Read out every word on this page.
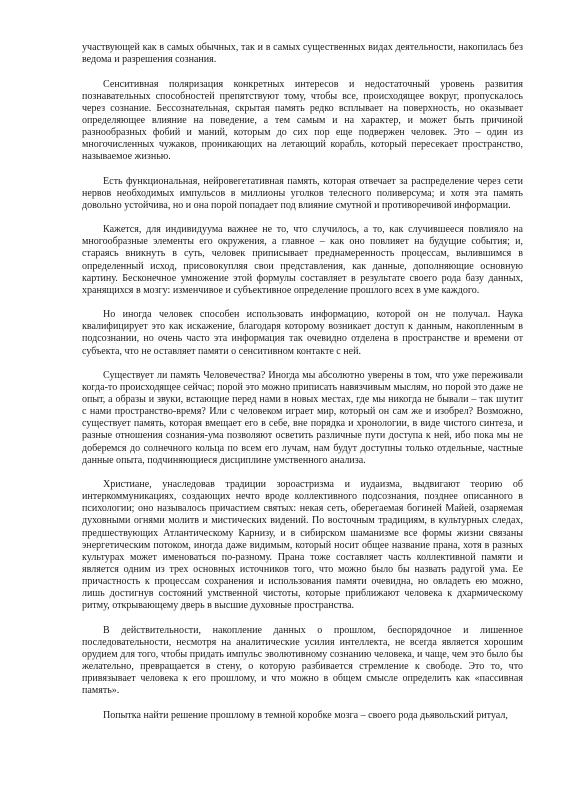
участвующей как в самых обычных, так и в самых существенных видах деятельности, накопилась без ведома и разрешения сознания.

Сенситивная поляризация конкретных интересов и недостаточный уровень развития познавательных способностей препятствуют тому, чтобы все, происходящее вокруг, пропускалось через сознание. Бессознательная, скрытая память редко всплывает на поверхность, но оказывает определяющее влияние на поведение, а тем самым и на характер, и может быть причиной разнообразных фобий и маний, которым до сих пор еще подвержен человек. Это – один из многочисленных чужаков, проникающих на летающий корабль, который пересекает пространство, называемое жизнью.

Есть функциональная, нейровегетативная память, которая отвечает за распределение через сети нервов необходимых импульсов в миллионы уголков телесного поливерсума; и хотя эта память довольно устойчива, но и она порой попадает под влияние смутной и противоречивой информации.

Кажется, для индивидуума важнее не то, что случилось, а то, как случившееся повлияло на многообразные элементы его окружения, а главное – как оно повлияет на будущие события; и, стараясь вникнуть в суть, человек приписывает преднамеренность процессам, вылившимся в определенный исход, присовокупляя свои представления, как данные, дополняющие основную картину. Бесконечное умножение этой формулы составляет в результате своего рода базу данных, хранящихся в мозгу: изменчивое и субъективное определение прошлого всех в уме каждого.

Но иногда человек способен использовать информацию, которой он не получал. Наука квалифицирует это как искажение, благодаря которому возникает доступ к данным, накопленным в подсознании, но очень часто эта информация так очевидно отделена в пространстве и времени от субъекта, что не оставляет памяти о сенситивном контакте с ней.

Существует ли память Человечества? Иногда мы абсолютно уверены в том, что уже переживали когда-то происходящее сейчас; порой это можно приписать навязчивым мыслям, но порой это даже не опыт, а образы и звуки, встающие перед нами в новых местах, где мы никогда не бывали – так шутит с нами пространство-время? Или с человеком играет мир, который он сам же и изобрел? Возможно, существует память, которая вмещает его в себе, вне порядка и хронологии, в виде чистого синтеза, и разные отношения сознания-ума позволяют осветить различные пути доступа к ней, ибо пока мы не доберемся до солнечного кольца по всем его лучам, нам будут доступны только отдельные, частные данные опыта, подчиняющиеся дисциплине умственного анализа.

Христиане, унаследовав традиции зороастризма и иудаизма, выдвигают теорию об интеркоммуникациях, создающих нечто вроде коллективного подсознания, позднее описанного в психологии; оно называлось причастием святых: некая сеть, оберегаемая богиней Майей, озаряемая духовными огнями молитв и мистических видений. По восточным традициям, в культурных следах, предшествующих Атлантическому Карнизу, и в сибирском шаманизме все формы жизни связаны энергетическим потоком, иногда даже видимым, который носит общее название прана, хотя в разных культурах может именоваться по-разному. Прана тоже составляет часть коллективной памяти и является одним из трех основных источников того, что можно было бы назвать радугой ума. Ее причастность к процессам сохранения и использования памяти очевидна, но овладеть ею можно, лишь достигнув состояний умственной чистоты, которые приближают человека к дхармическому ритму, открывающему дверь в высшие духовные пространства.

В действительности, накопление данных о прошлом, беспорядочное и лишенное последовательности, несмотря на аналитические усилия интеллекта, не всегда является хорошим орудием для того, чтобы придать импульс эволютивному сознанию человека, и чаще, чем это было бы желательно, превращается в стену, о которую разбивается стремление к свободе. Это то, что привязывает человека к его прошлому, и что можно в общем смысле определить как «пассивная память».

Попытка найти решение прошлому в темной коробке мозга – своего рода дьявольский ритуал,
